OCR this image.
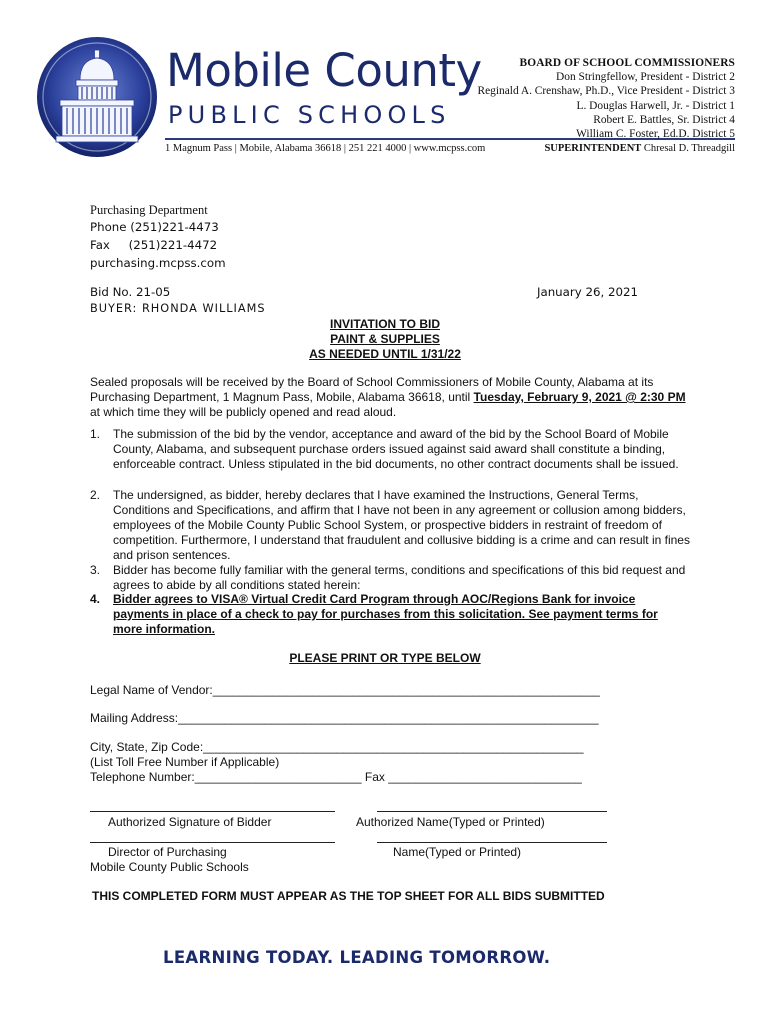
Mobile County
PUBLIC SCHOOLS
1 Magnum Pass | Mobile, Alabama 36618 | 251 221 4000 | www.mcpss.com
BOARD OF SCHOOL COMMISSIONERS
Don Stringfellow, President - District 2
Reginald A. Crenshaw, Ph.D., Vice President - District 3
L. Douglas Harwell, Jr. - District 1
Robert E. Battles, Sr. District 4
William C. Foster, Ed.D. District 5
SUPERINTENDENT Chresal D. Threadgill
Purchasing Department
Phone (251)221-4473
Fax     (251)221-4472
purchasing.mcpss.com
Bid No. 21-05
BUYER: RHONDA WILLIAMS
January 26, 2021
INVITATION TO BID
PAINT & SUPPLIES
AS NEEDED UNTIL 1/31/22
Sealed proposals will be received by the Board of School Commissioners of Mobile County, Alabama at its Purchasing Department, 1 Magnum Pass, Mobile, Alabama 36618, until Tuesday, February 9, 2021 @ 2:30 PM at which time they will be publicly opened and read aloud.
1. The submission of the bid by the vendor, acceptance and award of the bid by the School Board of Mobile County, Alabama, and subsequent purchase orders issued against said award shall constitute a binding, enforceable contract. Unless stipulated in the bid documents, no other contract documents shall be issued.
2. The undersigned, as bidder, hereby declares that I have examined the Instructions, General Terms, Conditions and Specifications, and affirm that I have not been in any agreement or collusion among bidders, employees of the Mobile County Public School System, or prospective bidders in restraint of freedom of competition. Furthermore, I understand that fraudulent and collusive bidding is a crime and can result in fines and prison sentences.
3. Bidder has become fully familiar with the general terms, conditions and specifications of this bid request and agrees to abide by all conditions stated herein:
4. Bidder agrees to VISA® Virtual Credit Card Program through AOC/Regions Bank for invoice payments in place of a check to pay for purchases from this solicitation. See payment terms for more information.
PLEASE PRINT OR TYPE BELOW
Legal Name of Vendor:__________________________________________________________
Mailing Address:_______________________________________________________________
City, State, Zip Code:_________________________________________________________
(List Toll Free Number if Applicable)
Telephone Number:_________________________ Fax _____________________________
Authorized Signature of Bidder	Authorized Name(Typed or Printed)
Director of Purchasing
Mobile County Public Schools
Name(Typed or Printed)
THIS COMPLETED FORM MUST APPEAR AS THE TOP SHEET FOR ALL BIDS SUBMITTED
LEARNING TODAY. LEADING TOMORROW.
